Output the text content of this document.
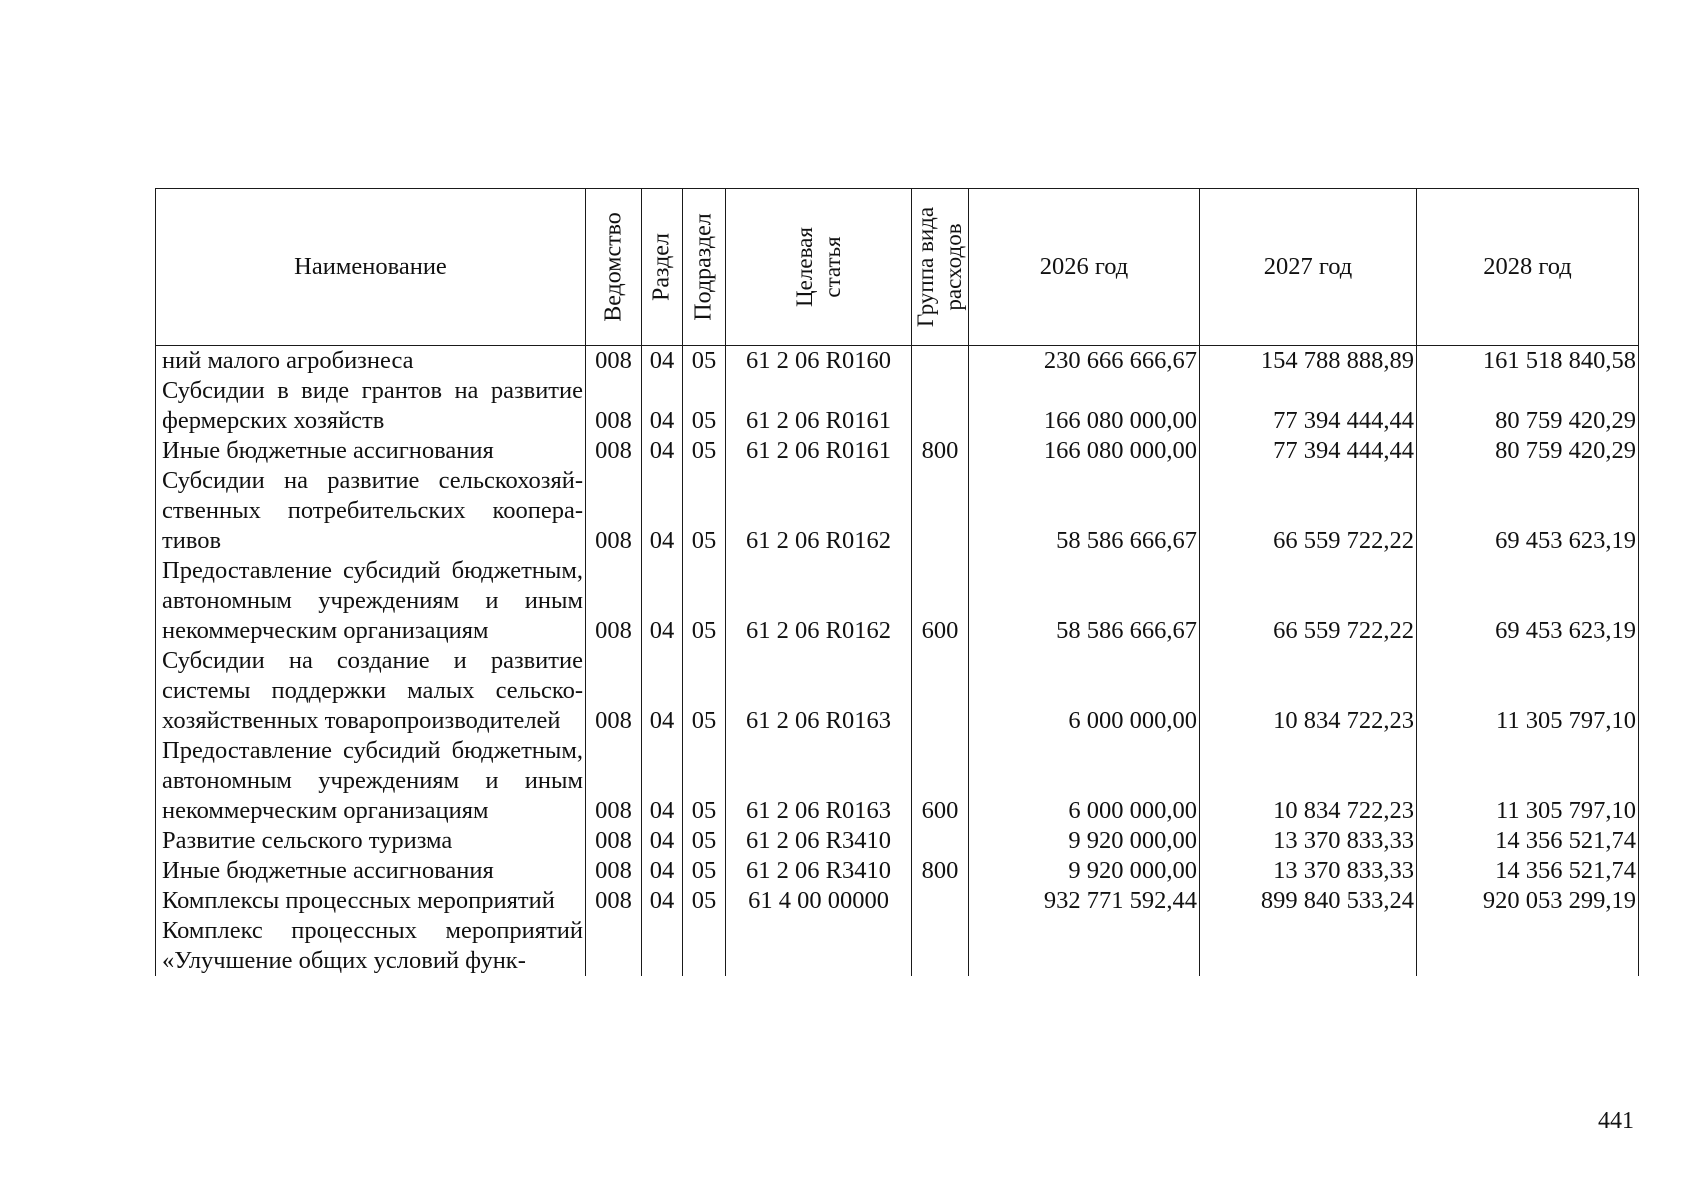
Наименование	Ведомство	Раздел	Подраздел	Целевая статья	Группа вида расходов	2026 год	2027 год	2028 год
ний малого агробизнеса	008	04	05	61 2 06 R0160		230 666 666,67	154 788 888,89	161 518 840,58
Субсидии в виде грантов на развитие фермерских хозяйств	008	04	05	61 2 06 R0161		166 080 000,00	77 394 444,44	80 759 420,29
Иные бюджетные ассигнования	008	04	05	61 2 06 R0161	800	166 080 000,00	77 394 444,44	80 759 420,29
Субсидии на развитие сельскохозяйственных потребительских кооперативов	008	04	05	61 2 06 R0162		58 586 666,67	66 559 722,22	69 453 623,19
Предоставление субсидий бюджетным, автономным учреждениям и иным некоммерческим организациям	008	04	05	61 2 06 R0162	600	58 586 666,67	66 559 722,22	69 453 623,19
Субсидии на создание и развитие системы поддержки малых сельскохозяйственных товаропроизводителей	008	04	05	61 2 06 R0163		6 000 000,00	10 834 722,23	11 305 797,10
Предоставление субсидий бюджетным, автономным учреждениям и иным некоммерческим организациям	008	04	05	61 2 06 R0163	600	6 000 000,00	10 834 722,23	11 305 797,10
Развитие сельского туризма	008	04	05	61 2 06 R3410		9 920 000,00	13 370 833,33	14 356 521,74
Иные бюджетные ассигнования	008	04	05	61 2 06 R3410	800	9 920 000,00	13 370 833,33	14 356 521,74
Комплексы процессных мероприятий	008	04	05	61 4 00 00000		932 771 592,44	899 840 533,24	920 053 299,19
Комплекс процессных мероприятий «Улучшение общих условий функ-								
441
